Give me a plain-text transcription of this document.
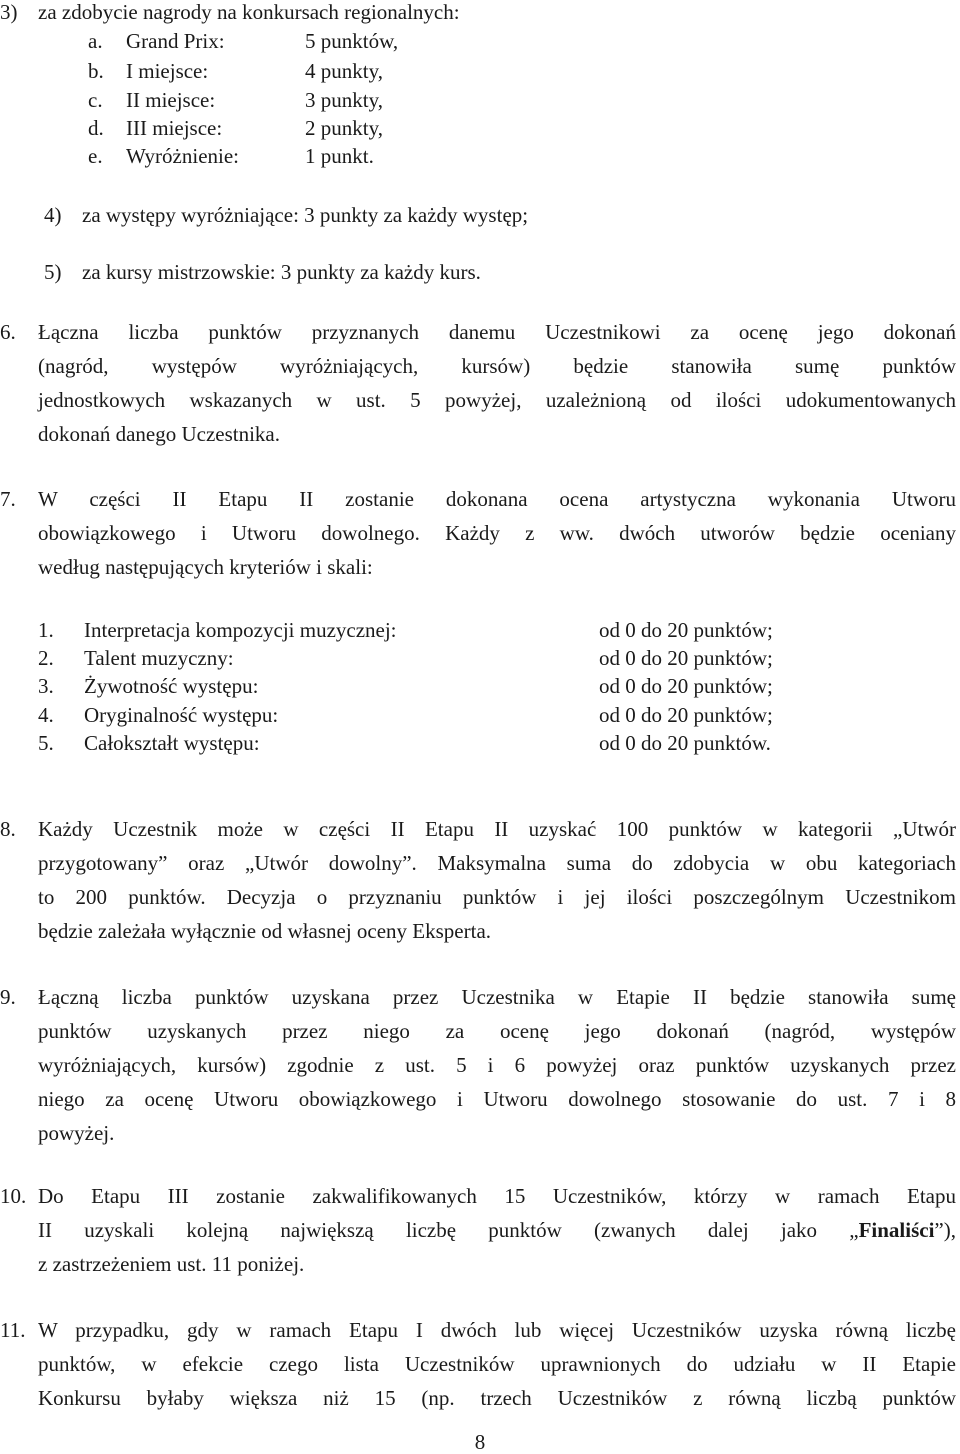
3) za zdobycie nagrody na konkursach regionalnych:
a. Grand Prix:	5 punktów,
b. I miejsce:	4 punkty,
c. II miejsce:	3 punkty,
d. III miejsce:	2 punkty,
e. Wyróżnienie:	1 punkt.
4) za występy wyróżniające: 3 punkty za każdy występ;
5) za kursy mistrzowskie: 3 punkty za każdy kurs.
6. Łączna liczba punktów przyznanych danemu Uczestnikowi za ocenę jego dokonań
(nagród, występów wyróżniających, kursów) będzie stanowiła sumę punktów
jednostkowych wskazanych w ust. 5 powyżej, uzależnioną od ilości udokumentowanych
dokonań danego Uczestnika.
7. W części II Etapu II zostanie dokonana ocena artystyczna wykonania Utworu
obowiązkowego i Utworu dowolnego. Każdy z ww. dwóch utworów będzie oceniany
według następujących kryteriów i skali:
1. Interpretacja kompozycji muzycznej:	od 0 do 20 punktów;
2. Talent muzyczny:	od 0 do 20 punktów;
3. Żywotność występu:	od 0 do 20 punktów;
4. Oryginalność występu:	od 0 do 20 punktów;
5. Całokształt występu:	od 0 do 20 punktów.
8. Każdy Uczestnik może w części II Etapu II uzyskać 100 punktów w kategorii „Utwór
przygotowany” oraz „Utwór dowolny”. Maksymalna suma do zdobycia w obu kategoriach
to 200 punktów. Decyzja o przyznaniu punktów i jej ilości poszczególnym Uczestnikom
będzie zależała wyłącznie od własnej oceny Eksperta.
9. Łączną liczba punktów uzyskana przez Uczestnika w Etapie II będzie stanowiła sumę
punktów uzyskanych przez niego za ocenę jego dokonań (nagród, występów
wyróżniających, kursów) zgodnie z ust. 5 i 6 powyżej oraz punktów uzyskanych przez
niego za ocenę Utworu obowiązkowego i Utworu dowolnego stosowanie do ust. 7 i 8
powyżej.
10. Do Etapu III zostanie zakwalifikowanych 15 Uczestników, którzy w ramach Etapu
II uzyskali kolejną największą liczbę punktów (zwanych dalej jako „Finaliści”),
z zastrzeżeniem ust. 11 poniżej.
11. W przypadku, gdy w ramach Etapu I dwóch lub więcej Uczestników uzyska równą liczbę
punktów, w efekcie czego lista Uczestników uprawnionych do udziału w II Etapie
Konkursu byłaby większa niż 15 (np. trzech Uczestników z równą liczbą punktów
8
